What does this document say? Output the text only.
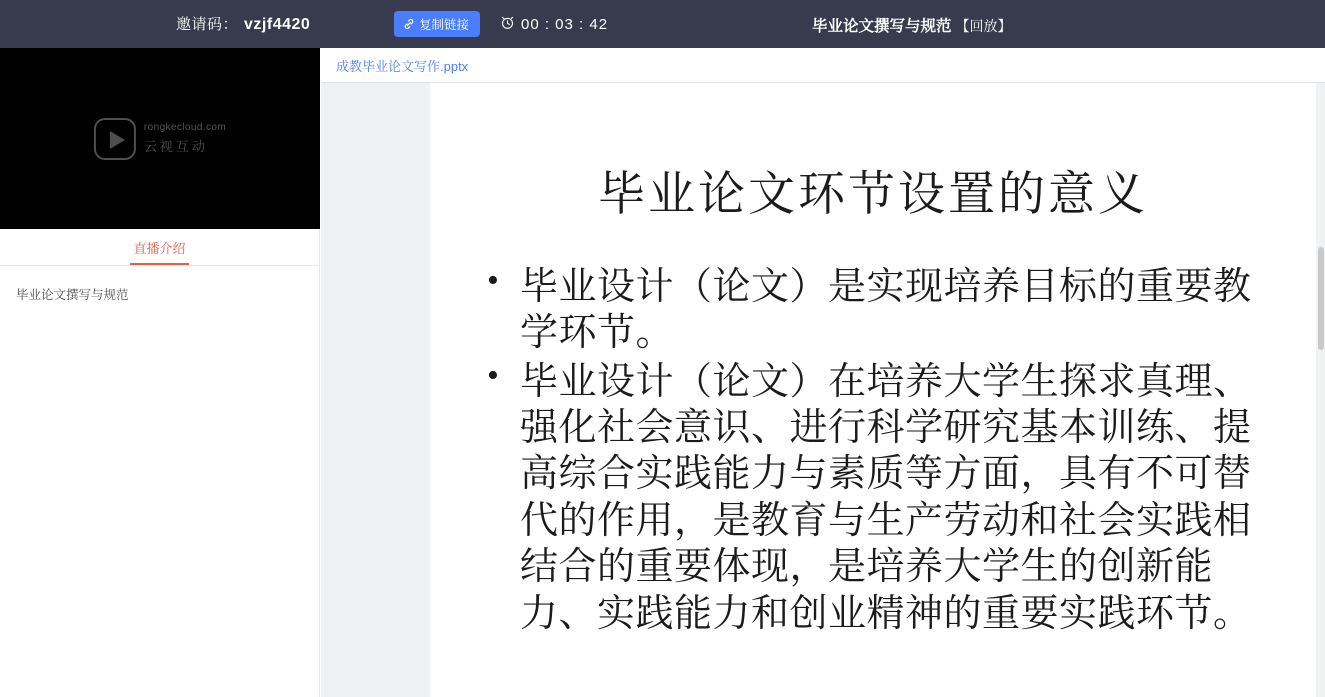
邀请码： vzjf4420	复制链接	00 : 03 : 42	毕业论文撰写与规范 【回放】
rongkecloud.com
云视互动
直播介绍
毕业论文撰写与规范
成教毕业论文写作.pptx
毕业论文环节设置的意义
• 毕业设计（论文）是实现培养目标的重要教学环节。
• 毕业设计（论文）在培养大学生探求真理、强化社会意识、进行科学研究基本训练、提高综合实践能力与素质等方面，具有不可替代的作用，是教育与生产劳动和社会实践相结合的重要体现，是培养大学生的创新能力、实践能力和创业精神的重要实践环节。
